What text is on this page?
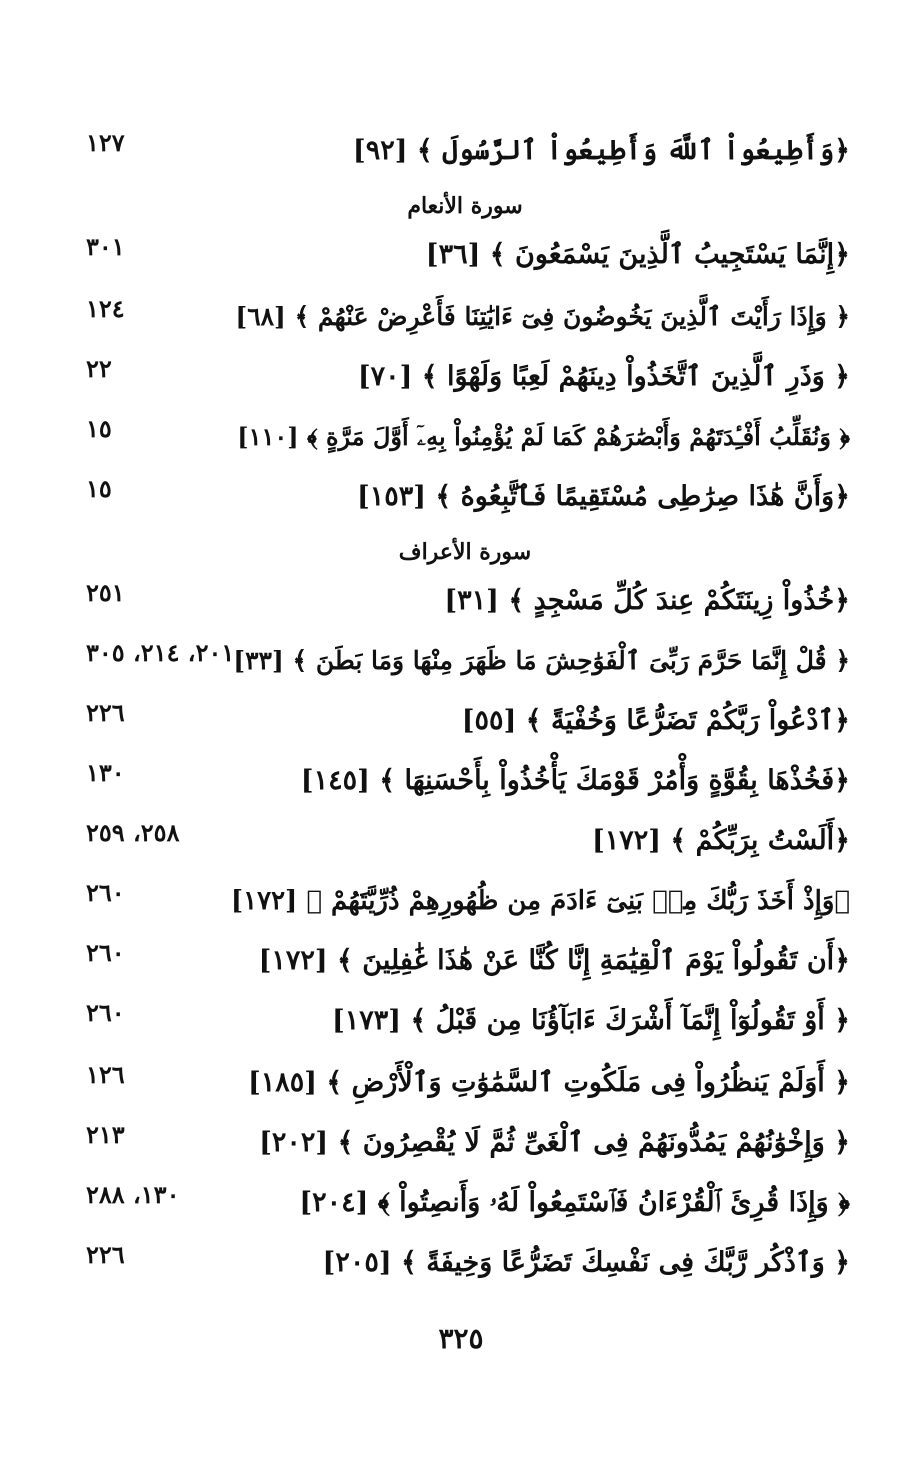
﴿وَأَطِيعُواْ ٱللَّهَ وَأَطِيعُواْ ٱلرَّسُولَ ﴾ [٩٢]
١٢٧
سورة الأنعام
﴿إِنَّمَا يَسْتَجِيبُ ٱلَّذِينَ يَسْمَعُونَ ﴾ [٣٦]
٣٠١
﴿ وَإِذَا رَأَيْتَ ٱلَّذِينَ يَخُوضُونَ فِىٓ ءَايَٰتِنَا فَأَعْرِضْ عَنْهُمْ ﴾ [٦٨]
١٢٤
﴿ وَذَرِ ٱلَّذِينَ ٱتَّخَذُواْ دِينَهُمْ لَعِبًا وَلَهْوًا ﴾ [٧٠]
٢٢
﴿ وَنُقَلِّبُ أَفْـِٔدَتَهُمْ وَأَبْصَٰرَهُمْ كَمَا لَمْ يُؤْمِنُواْ بِهِۦٓ أَوَّلَ مَرَّةٍ ﴾ [١١٠]
١٥
﴿وَأَنَّ هَٰذَا صِرَٰطِى مُسْتَقِيمًا فَٱتَّبِعُوهُ ﴾ [١٥٣]
١٥
سورة الأعراف
﴿خُذُواْ زِينَتَكُمْ عِندَ كُلِّ مَسْجِدٍ ﴾ [٣١]
٢٥١
﴿ قُلْ إِنَّمَا حَرَّمَ رَبِّىَ ٱلْفَوَٰحِشَ مَا ظَهَرَ مِنْهَا وَمَا بَطَنَ ﴾ [٣٣]
٢٠١، ٢١٤، ٣٠٥
﴿ٱدْعُواْ رَبَّكُمْ تَضَرُّعًا وَخُفْيَةً ﴾ [٥٥]
٢٢٦
﴿فَخُذْهَا بِقُوَّةٍ وَأْمُرْ قَوْمَكَ يَأْخُذُواْ بِأَحْسَنِهَا ﴾ [١٤٥]
١٣٠
﴿أَلَسْتُ بِرَبِّكُمْ ﴾ [١٧٢]
٢٥٨، ٢٥٩
﴿وَإِذْ أَخَذَ رَبُّكَ مِنۢ بَنِىٓ ءَادَمَ مِن ظُهُورِهِمْ ذُرِّيَّتَهُمْ ﴾ [١٧٢]
٢٦٠
﴿أَن تَقُولُواْ يَوْمَ ٱلْقِيَٰمَةِ إِنَّا كُنَّا عَنْ هَٰذَا غَٰفِلِينَ ﴾ [١٧٢]
٢٦٠
﴿ أَوْ تَقُولُوٓاْ إِنَّمَآ أَشْرَكَ ءَابَآؤُنَا مِن قَبْلُ ﴾ [١٧٣]
٢٦٠
﴿ أَوَلَمْ يَنظُرُواْ فِى مَلَكُوتِ ٱلسَّمَٰوَٰتِ وَٱلْأَرْضِ ﴾ [١٨٥]
١٢٦
﴿ وَإِخْوَٰنُهُمْ يَمُدُّونَهُمْ فِى ٱلْغَىِّ ثُمَّ لَا يُقْصِرُونَ ﴾ [٢٠٢]
٢١٣
﴿ وَإِذَا قُرِئَ ٱلْقُرْءَانُ فَٱسْتَمِعُواْ لَهُۥ وَأَنصِتُواْ ﴾ [٢٠٤]
١٣٠، ٢٨٨
﴿ وَٱذْكُر رَّبَّكَ فِى نَفْسِكَ تَضَرُّعًا وَخِيفَةً ﴾ [٢٠٥]
٢٢٦
٣٢٥
